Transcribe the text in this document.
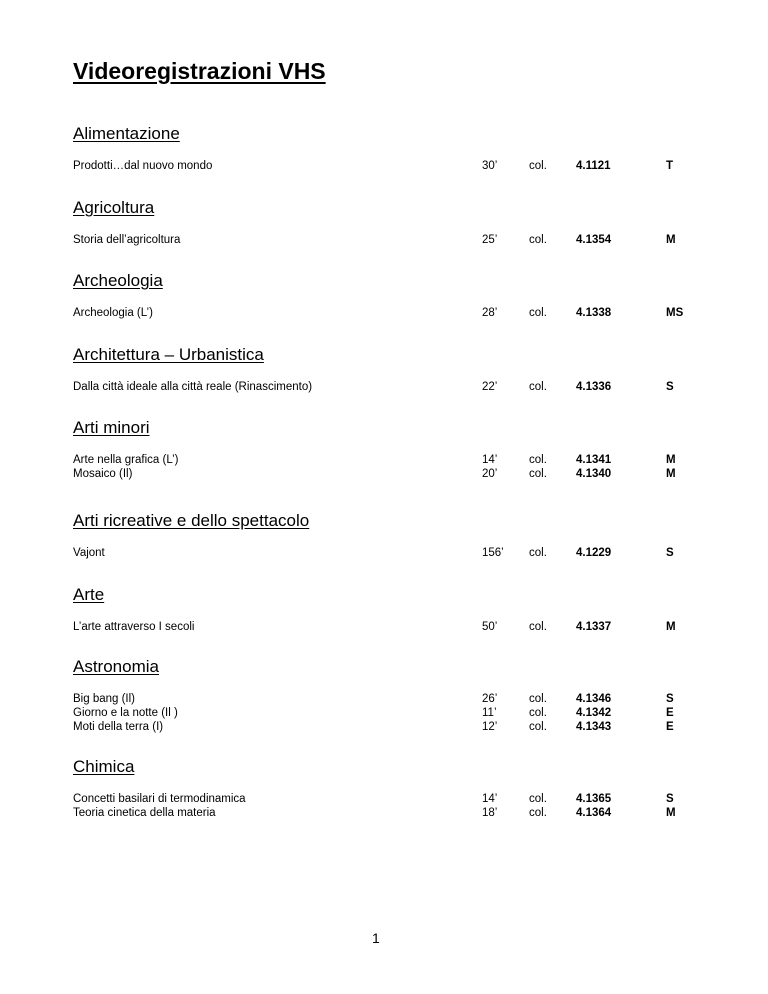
Videoregistrazioni VHS
Alimentazione
Prodotti…dal nuovo mondo	30’	col.	4.1121	T
Agricoltura
Storia dell’agricoltura	25’	col.	4.1354	M
Archeologia
Archeologia (L’)	28’	col.	4.1338	MS
Architettura – Urbanistica
Dalla città ideale alla città reale (Rinascimento)	22’	col.	4.1336	S
Arti minori
Arte nella grafica (L’)	14’	col.	4.1341	M
Mosaico (Il)	20’	col.	4.1340	M
Arti ricreative e dello spettacolo
Vajont	156’ col.	4.1229	S
Arte
L’arte attraverso I secoli	50’	col.	4.1337	M
Astronomia
Big bang (Il)	26’	col.	4.1346	S
Giorno e la notte (Il )	11’	col.	4.1342	E
Moti della terra (I)	12’	col.	4.1343	E
Chimica
Concetti basilari di termodinamica	14’	col.	4.1365	S
Teoria cinetica della materia	18’	col.	4.1364	M
1
